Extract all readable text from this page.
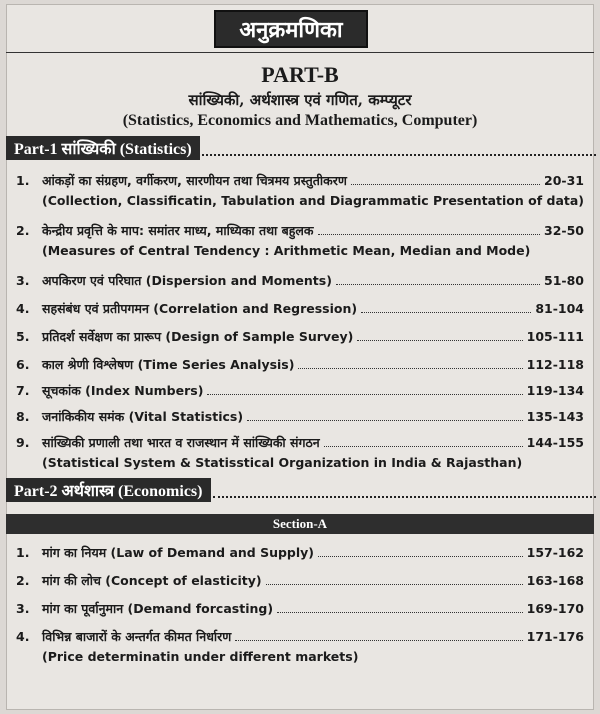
अनुक्रमणिका
PART-B
सांख्यिकी, अर्थशास्त्र एवं गणित, कम्प्यूटर
(Statistics, Economics and Mathematics, Computer)
Part-1 सांख्यिकी (Statistics)
1.	आंकड़ों का संग्रहण, वर्गीकरण, सारणीयन तथा चित्रमय प्रस्तुतीकरण	20-31
(Collection, Classificatin, Tabulation and Diagrammatic Presentation of data)
2.	केन्द्रीय प्रवृत्ति के माप: समांतर माध्य, माध्यिका तथा बहुलक	32-50
(Measures of Central Tendency : Arithmetic Mean, Median and Mode)
3.	अपकिरण एवं परिघात (Dispersion and Moments)	51-80
4.	सहसंबंध एवं प्रतीपगमन (Correlation and Regression)	81-104
5.	प्रतिदर्श सर्वेक्षण का प्रारूप (Design of Sample Survey)	105-111
6.	काल श्रेणी विश्लेषण (Time Series Analysis)	112-118
7.	सूचकांक (Index Numbers)	119-134
8.	जनांकिकीय समंक (Vital Statistics)	135-143
9.	सांख्यिकी प्रणाली तथा भारत व राजस्थान में सांख्यिकी संगठन	144-155
(Statistical System & Statisstical Organization in India & Rajasthan)
Part-2 अर्थशास्त्र (Economics)
Section-A
1.	मांग का नियम (Law of Demand and Supply)	157-162
2.	मांग की लोच (Concept of elasticity)	163-168
3.	मांग का पूर्वानुमान (Demand forcasting)	169-170
4.	विभिन्न बाजारों के अन्तर्गत कीमत निर्धारण	171-176
(Price determinatin under different markets)
